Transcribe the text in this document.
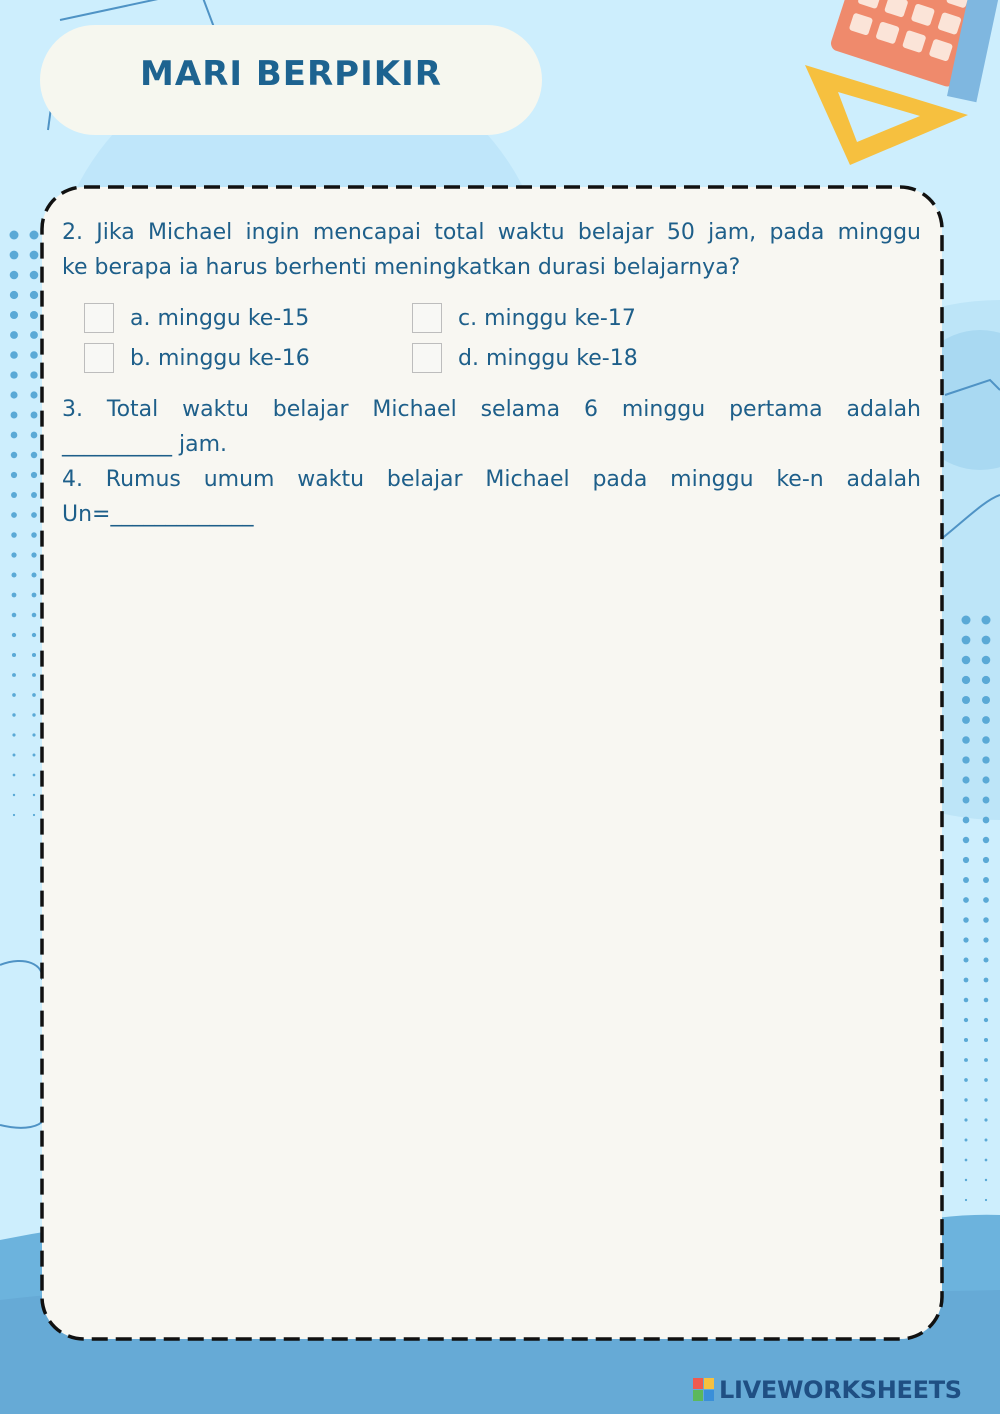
MARI BERPIKIR
2. Jika Michael ingin mencapai total waktu belajar 50 jam, pada minggu
ke berapa ia harus berhenti meningkatkan durasi belajarnya?
a. minggu ke-15
b. minggu ke-16
c. minggu ke-17
d. minggu ke-18
3. Total waktu belajar Michael selama 6 minggu pertama adalah
__________ jam.
4. Rumus umum waktu belajar Michael pada minggu ke-n adalah
Un=_____________
LIVEWORKSHEETS
